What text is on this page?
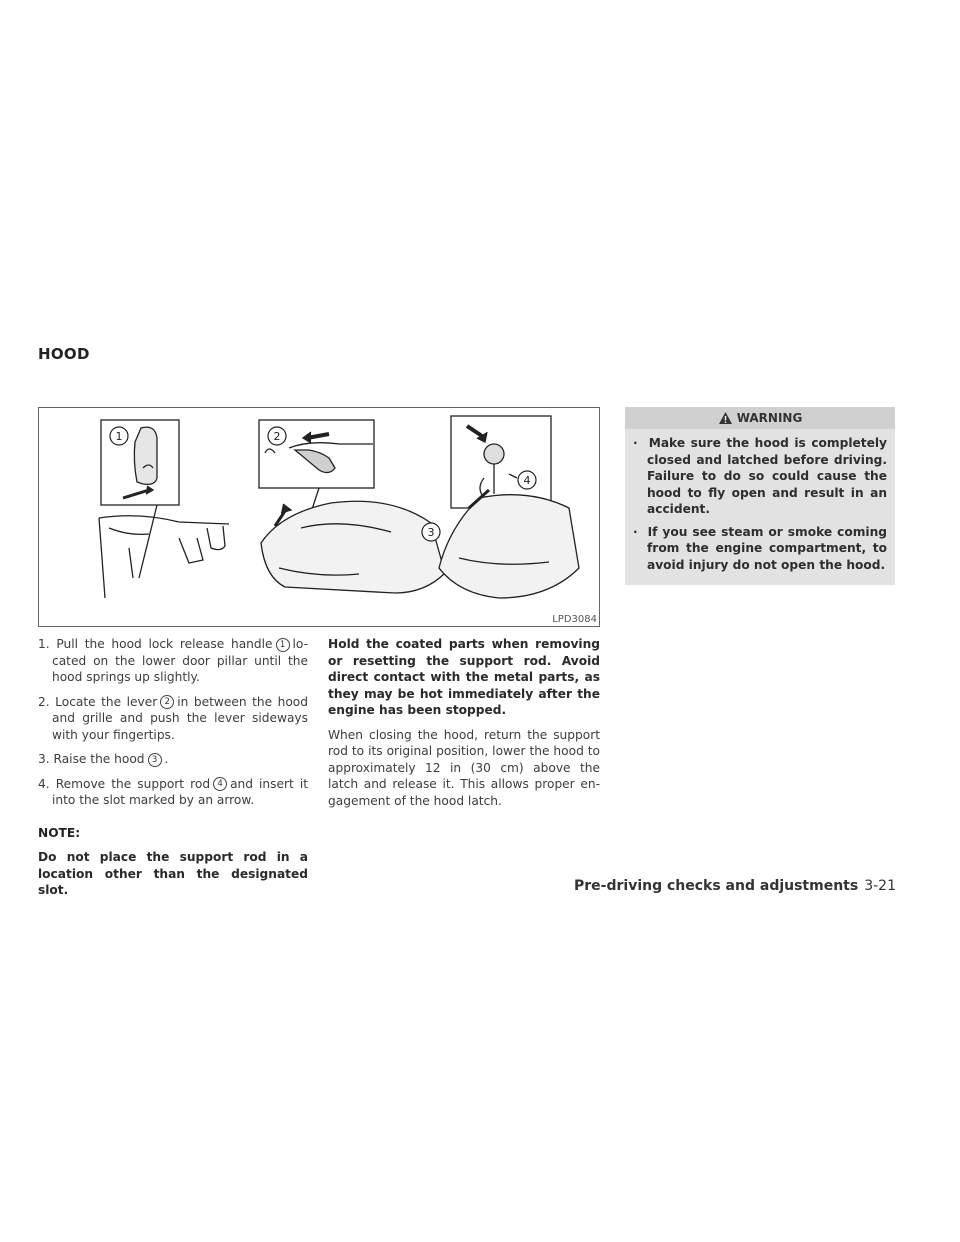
HOOD
1	2
4
3
LPD3084
1. Pull the hood lock release handle 1 lo-cated on the lower door pillar until the hood springs up slightly.
2. Locate the lever 2 in between the hood and grille and push the lever sideways with your fingertips.
3. Raise the hood 3 .
4. Remove the support rod 4 and insert it into the slot marked by an arrow.
NOTE:
Do not place the support rod in a location other than the designated slot.
Hold the coated parts when removing or resetting the support rod. Avoid direct contact with the metal parts, as they may be hot immediately after the engine has been stopped.
When closing the hood, return the support rod to its original position, lower the hood to approximately 12 in (30 cm) above the latch and release it. This allows proper en-gagement of the hood latch.
WARNING
·  Make sure the hood is completely closed and latched before driving. Failure to do so could cause the hood to fly open and result in an accident.
·  If you see steam or smoke coming from the engine compartment, to avoid injury do not open the hood.
Pre-driving checks and adjustments 3-21
